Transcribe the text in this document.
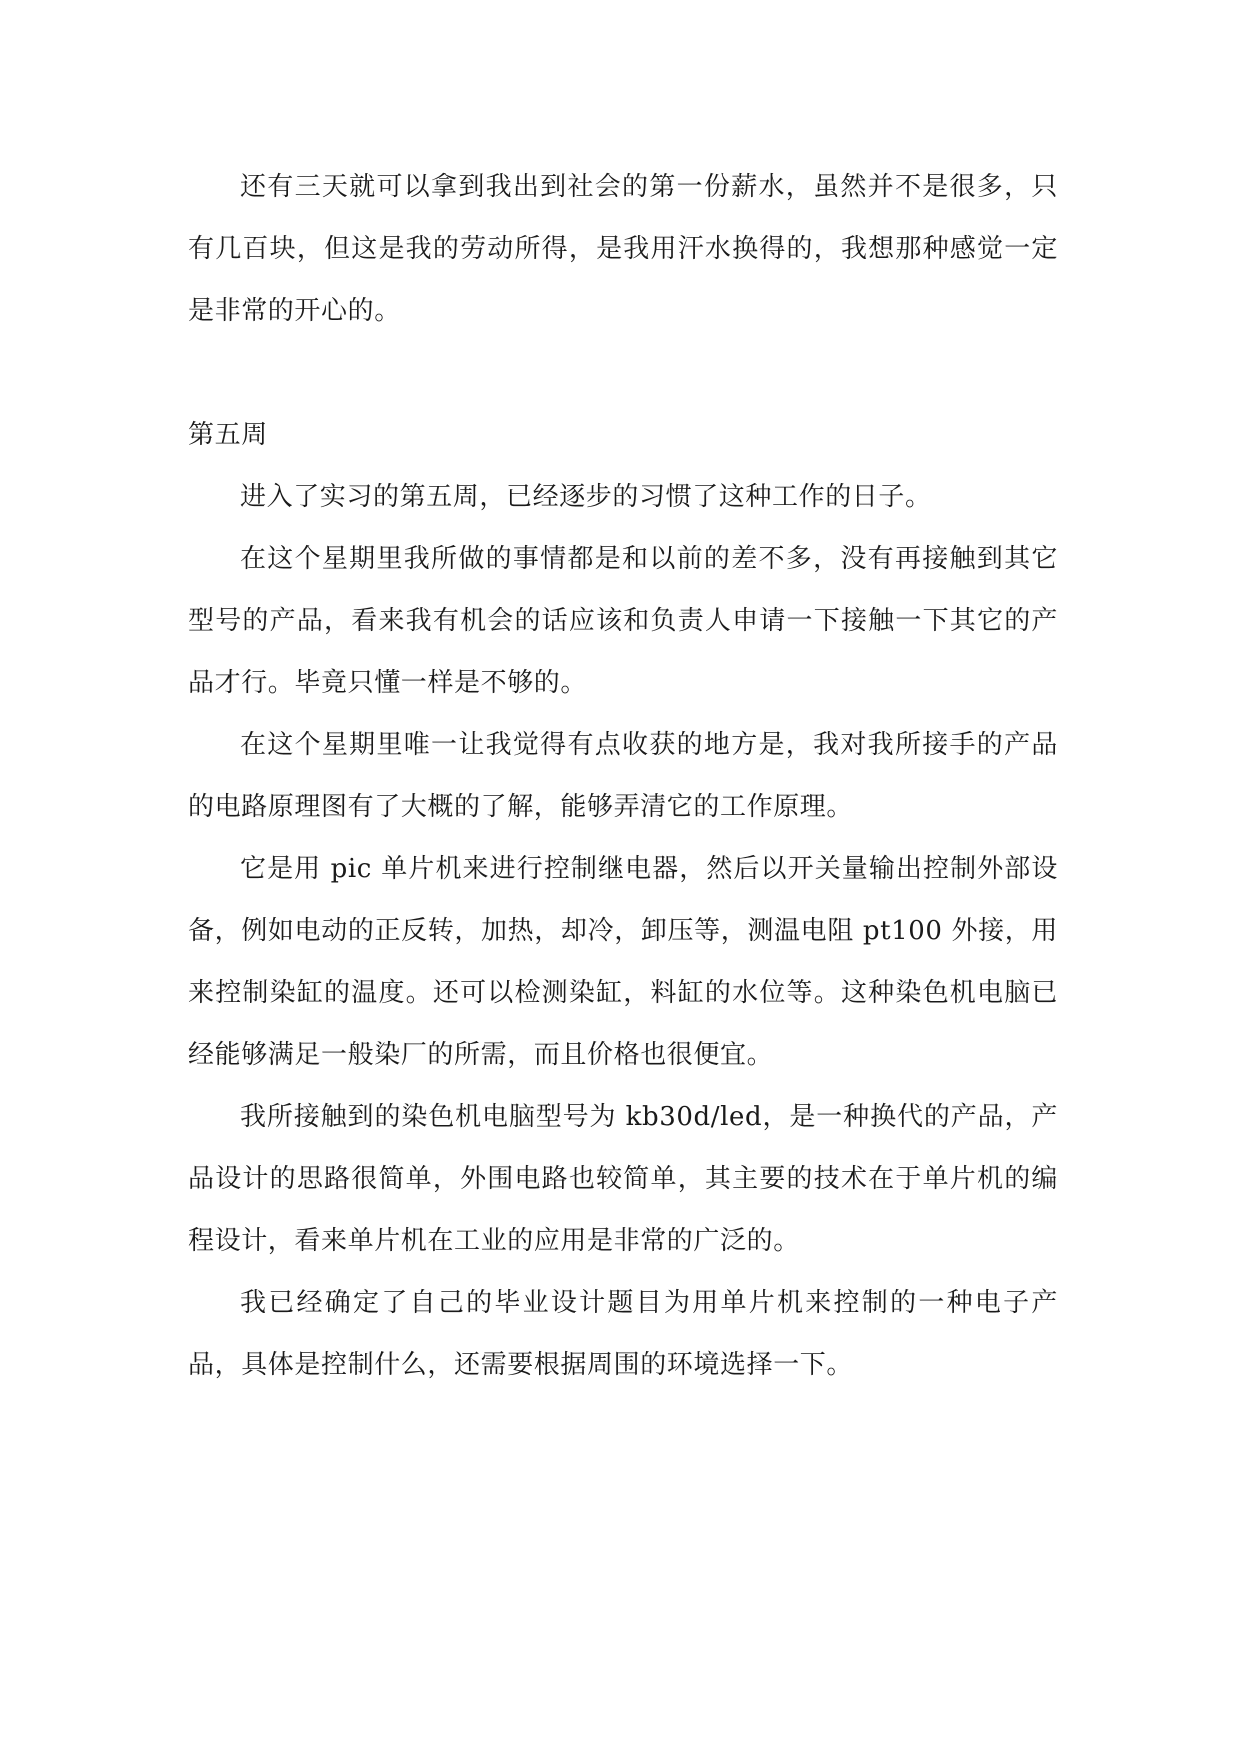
还有三天就可以拿到我出到社会的第一份薪水，虽然并不是很多，只有几百块，但这是我的劳动所得，是我用汗水换得的，我想那种感觉一定是非常的开心的。

第五周

进入了实习的第五周，已经逐步的习惯了这种工作的日子。

在这个星期里我所做的事情都是和以前的差不多，没有再接触到其它型号的产品，看来我有机会的话应该和负责人申请一下接触一下其它的产品才行。毕竟只懂一样是不够的。

在这个星期里唯一让我觉得有点收获的地方是，我对我所接手的产品的电路原理图有了大概的了解，能够弄清它的工作原理。

它是用 pic 单片机来进行控制继电器，然后以开关量输出控制外部设备，例如电动的正反转，加热，却冷，卸压等，测温电阻 pt100 外接，用来控制染缸的温度。还可以检测染缸，料缸的水位等。这种染色机电脑已经能够满足一般染厂的所需，而且价格也很便宜。

我所接触到的染色机电脑型号为 kb30d/led，是一种换代的产品，产品设计的思路很简单，外围电路也较简单，其主要的技术在于单片机的编程设计，看来单片机在工业的应用是非常的广泛的。

我已经确定了自己的毕业设计题目为用单片机来控制的一种电子产品，具体是控制什么，还需要根据周围的环境选择一下。
